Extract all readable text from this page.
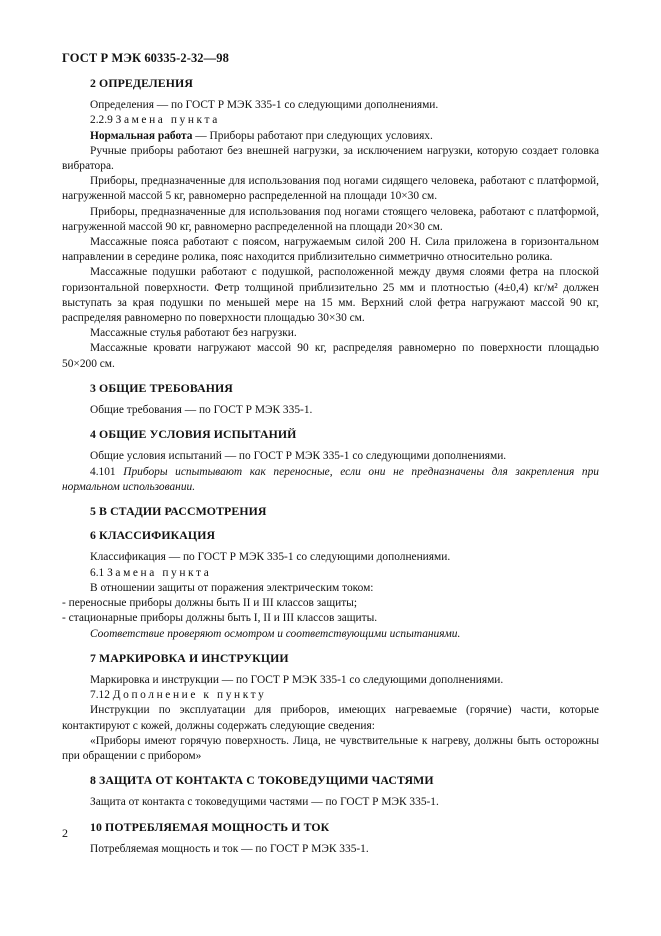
ГОСТ Р МЭК 60335-2-32—98
2 ОПРЕДЕЛЕНИЯ

Определения — по ГОСТ Р МЭК 335-1 со следующими дополнениями.

2.2.9 Замена пункта

Нормальная работа — Приборы работают при следующих условиях.

Ручные приборы работают без внешней нагрузки, за исключением нагрузки, которую создает головка вибратора.

Приборы, предназначенные для использования под ногами сидящего человека, работают с платформой, нагруженной массой 5 кг, равномерно распределенной на площади 10×30 см.

Приборы, предназначенные для использования под ногами стоящего человека, работают с платформой, нагруженной массой 90 кг, равномерно распределенной на площади 20×30 см.

Массажные пояса работают с поясом, нагружаемым силой 200 Н. Сила приложена в горизонтальном направлении в середине ролика, пояс находится приблизительно симметрично относительно ролика.

Массажные подушки работают с подушкой, расположенной между двумя слоями фетра на плоской горизонтальной поверхности. Фетр толщиной приблизительно 25 мм и плотностью (4±0,4) кг/м² должен выступать за края подушки по меньшей мере на 15 мм. Верхний слой фетра нагружают массой 90 кг, распределяя равномерно по поверхности площадью 30×30 см.

Массажные стулья работают без нагрузки.

Массажные кровати нагружают массой 90 кг, распределяя равномерно по поверхности площадью 50×200 см.

3 ОБЩИЕ ТРЕБОВАНИЯ

Общие требования — по ГОСТ Р МЭК 335-1.

4 ОБЩИЕ УСЛОВИЯ ИСПЫТАНИЙ

Общие условия испытаний — по ГОСТ Р МЭК 335-1 со следующими дополнениями.

4.101 Приборы испытывают как переносные, если они не предназначены для закрепления при нормальном использовании.

5 В СТАДИИ РАССМОТРЕНИЯ
6 КЛАССИФИКАЦИЯ

Классификация — по ГОСТ Р МЭК 335-1 со следующими дополнениями.

6.1 Замена пункта

В отношении защиты от поражения электрическим током:

- переносные приборы должны быть II и III классов защиты;

- стационарные приборы должны быть I, II и III классов защиты.

Соответствие проверяют осмотром и соответствующими испытаниями.

7 МАРКИРОВКА И ИНСТРУКЦИИ

Маркировка и инструкции — по ГОСТ Р МЭК 335-1 со следующими дополнениями.

7.12 Дополнение к пункту

Инструкции по эксплуатации для приборов, имеющих нагреваемые (горячие) части, которые контактируют с кожей, должны содержать следующие сведения:

«Приборы имеют горячую поверхность. Лица, не чувствительные к нагреву, должны быть осторожны при обращении с прибором»

8 ЗАЩИТА ОТ КОНТАКТА С ТОКОВЕДУЩИМИ ЧАСТЯМИ

Защита от контакта с токоведущими частями — по ГОСТ Р МЭК 335-1.

10 ПОТРЕБЛЯЕМАЯ МОЩНОСТЬ И ТОК

Потребляемая мощность и ток — по ГОСТ Р МЭК 335-1.

2
